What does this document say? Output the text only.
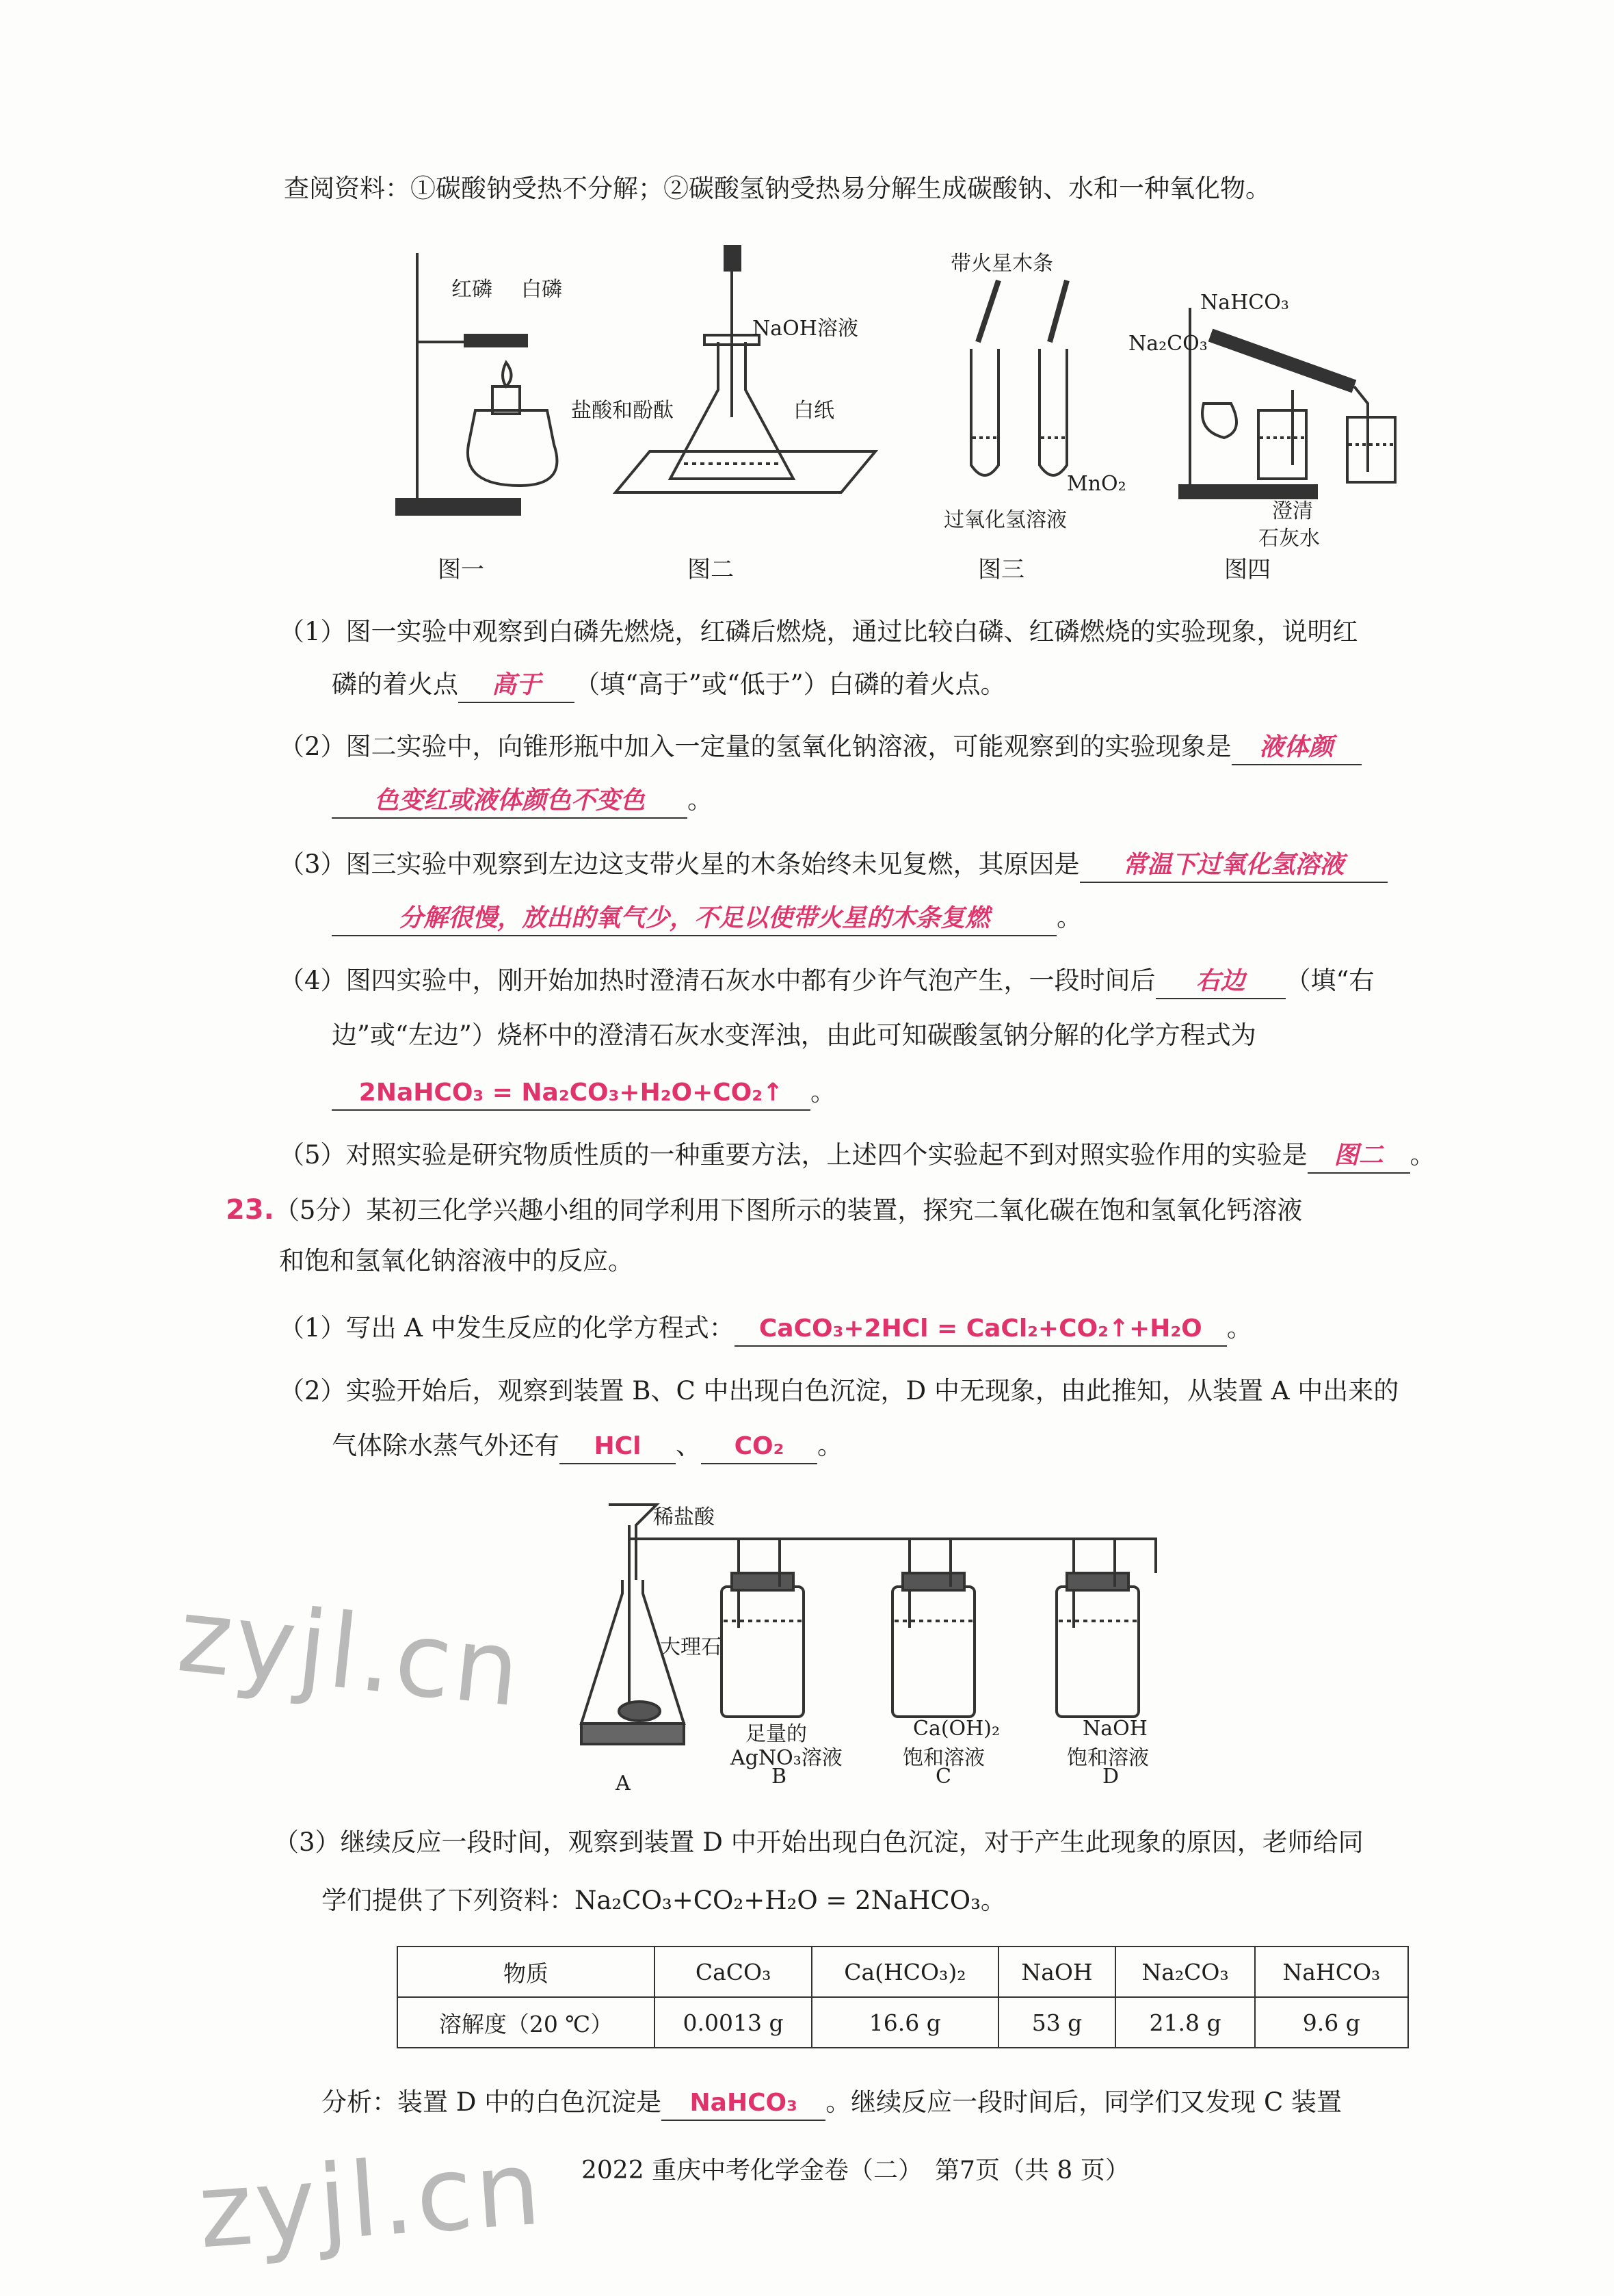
查阅资料：①碳酸钠受热不分解；②碳酸氢钠受热易分解生成碳酸钠、水和一种氧化物。
红磷 白磷
NaOH溶液
盐酸和酚酞	白纸
带火星木条
MnO₂
过氧化氢溶液
NaHCO₃
Na₂CO₃
澄清
石灰水
图一	图二	图三	图四
（1）图一实验中观察到白磷先燃烧，红磷后燃烧，通过比较白磷、红磷燃烧的实验现象，说明红
磷的着火点 高于 （填“高于”或“低于”）白磷的着火点。
（2）图二实验中，向锥形瓶中加入一定量的氢氧化钠溶液，可能观察到的实验现象是 液体颜
色变红或液体颜色不变色 。
（3）图三实验中观察到左边这支带火星的木条始终未见复燃，其原因是 常温下过氧化氢溶液
分解很慢，放出的氧气少，不足以使带火星的木条复燃	。
（4）图四实验中，刚开始加热时澄清石灰水中都有少许气泡产生，一段时间后 右边 （填“右
边”或“左边”）烧杯中的澄清石灰水变浑浊，由此可知碳酸氢钠分解的化学方程式为
2NaHCO₃ = Na₂CO₃+H₂O+CO₂↑ 。
（5）对照实验是研究物质性质的一种重要方法，上述四个实验起不到对照实验作用的实验是 图二 。
23.（5分）某初三化学兴趣小组的同学利用下图所示的装置，探究二氧化碳在饱和氢氧化钙溶液
和饱和氢氧化钠溶液中的反应。
（1）写出 A 中发生反应的化学方程式： CaCO₃+2HCl = CaCl₂+CO₂↑+H₂O 。
（2）实验开始后，观察到装置 B、C 中出现白色沉淀，D 中无现象，由此推知，从装置 A 中出来的
气体除水蒸气外还有 HCl 、 CO₂ 。
稀盐酸
大理石
足量的
AgNO₃溶液
B
Ca(OH)₂
饱和溶液
C
NaOH
饱和溶液
D
A
（3）继续反应一段时间，观察到装置 D 中开始出现白色沉淀，对于产生此现象的原因，老师给同
学们提供了下列资料：Na₂CO₃+CO₂+H₂O = 2NaHCO₃。
物质	CaCO₃	Ca(HCO₃)₂	NaOH	Na₂CO₃	NaHCO₃
溶解度（20 ℃）	0.0013 g	16.6 g	53 g	21.8 g	9.6 g
分析：装置 D 中的白色沉淀是 NaHCO₃ 。继续反应一段时间后，同学们又发现 C 装置
zyjl.cn
zyjl.cn 2022 重庆中考化学金卷（二）　第7页（共 8 页）
